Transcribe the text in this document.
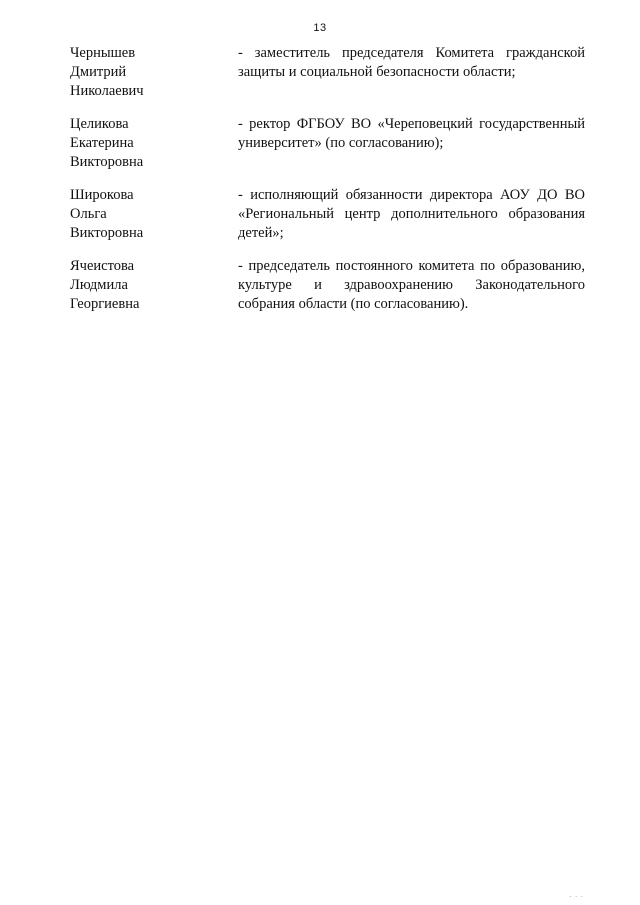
13
Чернышев
Дмитрий
Николаевич
- заместитель председателя Комитета гражданской защиты и социальной безопасности области;
Целикова
Екатерина
Викторовна
- ректор ФГБОУ ВО «Череповецкий государственный университет» (по согласованию);
Широкова
Ольга
Викторовна
- исполняющий обязанности директора АОУ ДО ВО «Региональный центр дополнительного образования детей»;
Ячеистова
Людмила
Георгиевна
- председатель постоянного комитета по образованию, культуре и здравоохранению Законодательного собрания области (по согласованию).
. . .
